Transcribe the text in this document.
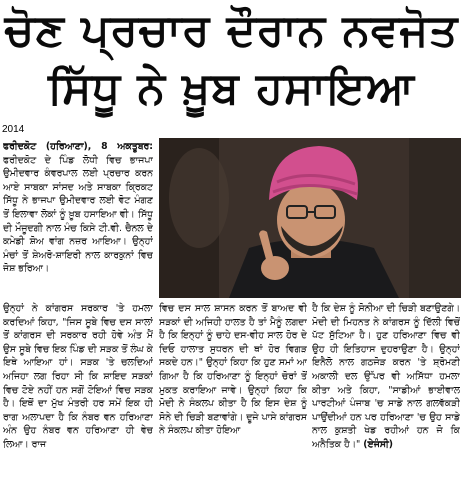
ਚੋਣ ਪ੍ਰਚਾਰ ਦੌਰਾਨ ਨਵਜੋਤ
ਸਿੱਧੂ ਨੇ ਖ਼ੂਬ ਹਸਾਇਆ
2014
ਫਰੀਦਕੋਟ (ਹਰਿਆਣਾ), 8 ਅਕਤੂਬਰ: ਫਰੀਦਕੋਟ ਦੇ ਪਿੰਡ ਲੋਧੀ ਵਿਚ ਭਾਜਪਾ ਉਮੀਦਵਾਰ ਕੰਵਰਪਾਲ ਲਈ ਪ੍ਰਚਾਰ ਕਰਨ ਆਏ ਸਾਬਕਾ ਸਾਂਸਦ ਅਤੇ ਸਾਬਕਾ ਕ੍ਰਿਕਟ ਸਿੱਧੂ ਨੇ ਭਾਜਪਾ ਉਮੀਦਵਾਰ ਲਈ ਵੋਟ ਮੰਗਣ ਤੋਂ ਇਲਾਵਾ ਲੋਕਾਂ ਨੂੰ ਖ਼ੂਬ ਹਸਾਇਆ ਵੀ। ਸਿੱਧੂ ਦੀ ਮੌਜੂਦਗੀ ਨਾਲ ਮੰਚ ਕਿਸੇ ਟੀ.ਵੀ. ਚੈਨਲ ਦੇ ਕਮੇਡੀ ਸ਼ੋਅ ਵਾਂਗ ਨਜ਼ਰ ਆਇਆ। ਉਨ੍ਹਾਂ ਮੰਚਾਂ ਤੋਂ ਸ਼ੇਅਰੋ-ਸ਼ਾਇਰੀ ਨਾਲ ਕਾਰਕੁਨਾਂ ਵਿਚ ਜੋਸ਼ ਭਰਿਆ।
ਉਨ੍ਹਾਂ ਨੇ ਕਾਂਗਰਸ ਸਰਕਾਰ 'ਤੇ ਹਮਲਾ ਕਰਦਿਆਂ ਕਿਹਾ, "ਜਿਸ ਸੂਬੇ ਵਿਚ ਦਸ ਸਾਲਾਂ ਤੋਂ ਕਾਂਗਰਸ ਦੀ ਸਰਕਾਰ ਰਹੀ ਹੋਵੇ ਅੰਤ ਮੈਂ ਉਸ ਸੂਬੇ ਵਿਚ ਇਕ ਪਿੰਡ ਦੀ ਸੜਕ ਤੋਂ ਲੰਘ ਕੇ ਇਥੇ ਆਇਆ ਹਾਂ। ਸੜਕ 'ਤੇ ਚਲਦਿਆਂ ਅਜਿਹਾ ਲਗ ਰਿਹਾ ਸੀ ਕਿ ਸ਼ਾਇਦ ਸੜਕਾਂ ਵਿਚ ਟੋਏ ਨਹੀਂ ਹਨ ਸਗੋਂ ਟੋਇਆਂ ਵਿਚ ਸੜਕ ਹੈ। ਇਥੋਂ ਦਾ ਮੁੱਖ ਮੰਤਰੀ ਹਰ ਸਮੇਂ ਇਕ ਹੀ ਰਾਗ ਅਲਾਪਦਾ ਹੈ ਕਿ ਨੰਬਰ ਵਨ ਹਰਿਆਣਾ ਅੰਨ ਉਹ ਨੰਬਰ ਵਨ ਹਰਿਆਣਾ ਹੀ ਵੇਚ ਲਿਆ। ਰਾਜ
ਵਿਚ ਦਸ ਸਾਲ ਸ਼ਾਸਨ ਕਰਨ ਤੋਂ ਬਾਅਦ ਵੀ ਸੜਕਾਂ ਦੀ ਅਜਿਹੀ ਹਾਲਤ ਹੈ ਤਾਂ ਮੈਨੂੰ ਲਗਦਾ ਹੈ ਕਿ ਇਨ੍ਹਾਂ ਨੂੰ ਚਾਹੇ ਦਸ-ਵੀਹ ਸਾਲ ਹੋਰ ਦੇ ਦਿਓ ਹਾਲਾਤ ਸੁਧਰਨ ਦੀ ਥਾਂ ਹੋਰ ਵਿਗੜ ਸਕਦੇ ਹਨ।" ਉਨ੍ਹਾਂ ਕਿਹਾ ਕਿ ਹੁਣ ਸਮਾਂ ਆ ਗਿਆ ਹੈ ਕਿ ਹਰਿਆਣਾ ਨੂੰ ਇਨ੍ਹਾਂ ਚੋਰਾਂ ਤੋਂ ਮੁਕਤ ਕਰਾਇਆ ਜਾਵੇ। ਉਨ੍ਹਾਂ ਕਿਹਾ ਕਿ ਮੋਦੀ ਨੇ ਸੰਕਲਪ ਕੀਤਾ ਹੈ ਕਿ ਇਸ ਦੇਸ਼ ਨੂੰ ਸੋਨੇ ਦੀ ਚਿੜੀ ਬਣਾਵਾਂਗੇ। ਦੂਜੇ ਪਾਸੇ ਕਾਂਗਰਸ ਨੇ ਸੰਕਲਪ ਕੀਤਾ ਹੋਇਆ
ਹੈ ਕਿ ਦੇਸ਼ ਨੂੰ ਸੋਨੀਆ ਦੀ ਚਿੜੀ ਬਣਾਉਣਗੇ। ਮੋਦੀ ਦੀ ਮਿਹਨਤ ਨੇ ਕਾਂਗਰਸ ਨੂੰ ਦਿੱਲੀ ਵਿਚੋਂ ਪੱਟ ਸੁੱਟਿਆ ਹੈ। ਹੁਣ ਹਰਿਆਣਾ ਵਿਚ ਵੀ ਉਹ ਹੀ ਇਤਿਹਾਸ ਦੁਹਰਾਉਣਾ ਹੈ। ਉਨ੍ਹਾਂ ਇਨੈਲੋ ਨਾਲ ਗਠਜੋੜ ਕਰਨ 'ਤੇ ਸ਼੍ਰੋਮਣੀ ਅਕਾਲੀ ਦਲ ਉੱਪਰ ਵੀ ਅਸਿੱਧਾ ਹਮਲਾ ਕੀਤਾ ਅਤੇ ਕਿਹਾ, "ਸਾਡੀਆਂ ਭਾਈਵਾਲ ਪਾਰਟੀਆਂ ਪੰਜਾਬ 'ਚ ਸਾਡੇ ਨਾਲ ਗਲਵੱਕੜੀ ਪਾਉਂਦੀਆਂ ਹਨ ਪਰ ਹਰਿਆਣਾ 'ਚ ਉਹ ਸਾਡੇ ਨਾਲ ਕੁਸ਼ਤੀ ਖੇਡ ਰਹੀਆਂ ਹਨ ਜੋ ਕਿ ਅਨੈਤਿਕ ਹੈ।" (ਏਜੰਸੀ)
